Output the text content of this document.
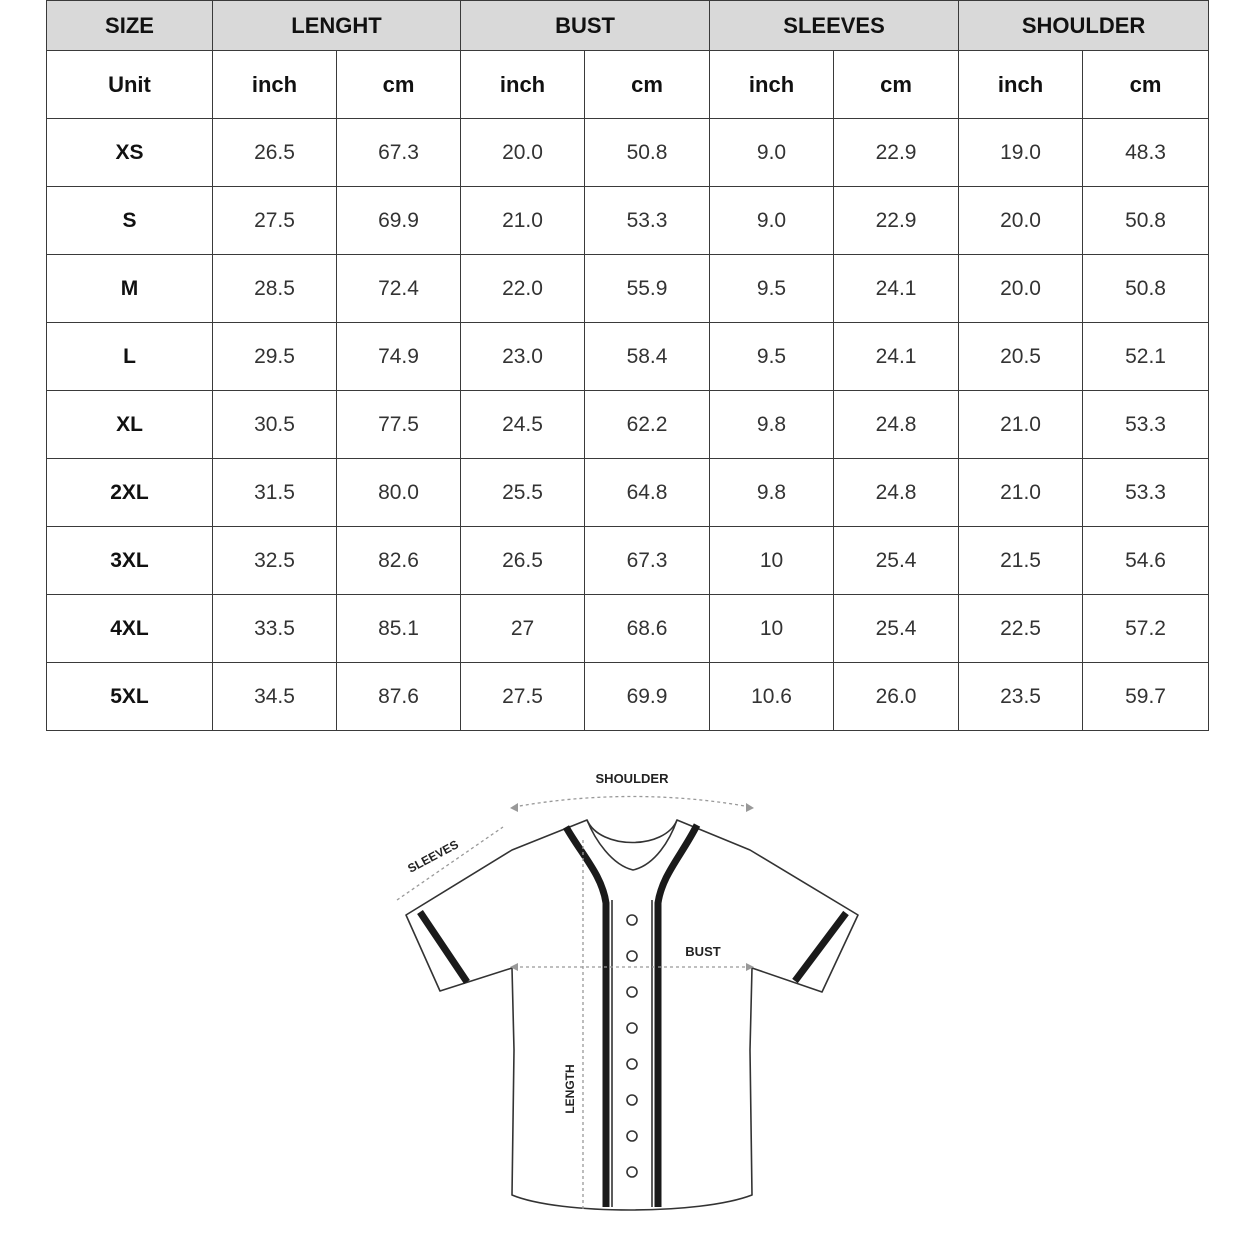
SIZE	LENGHT		BUST		SLEEVES		SHOULDER	
Unit	inch	cm	inch	cm	inch	cm	inch	cm
XS	26.5	67.3	20.0	50.8	9.0	22.9	19.0	48.3
S	27.5	69.9	21.0	53.3	9.0	22.9	20.0	50.8
M	28.5	72.4	22.0	55.9	9.5	24.1	20.0	50.8
L	29.5	74.9	23.0	58.4	9.5	24.1	20.5	52.1
XL	30.5	77.5	24.5	62.2	9.8	24.8	21.0	53.3
2XL	31.5	80.0	25.5	64.8	9.8	24.8	21.0	53.3
3XL	32.5	82.6	26.5	67.3	10	25.4	21.5	54.6
4XL	33.5	85.1	27	68.6	10	25.4	22.5	57.2
5XL	34.5	87.6	27.5	69.9	10.6	26.0	23.5	59.7
SHOULDER
SLEEVES
BUST
LENGTH
